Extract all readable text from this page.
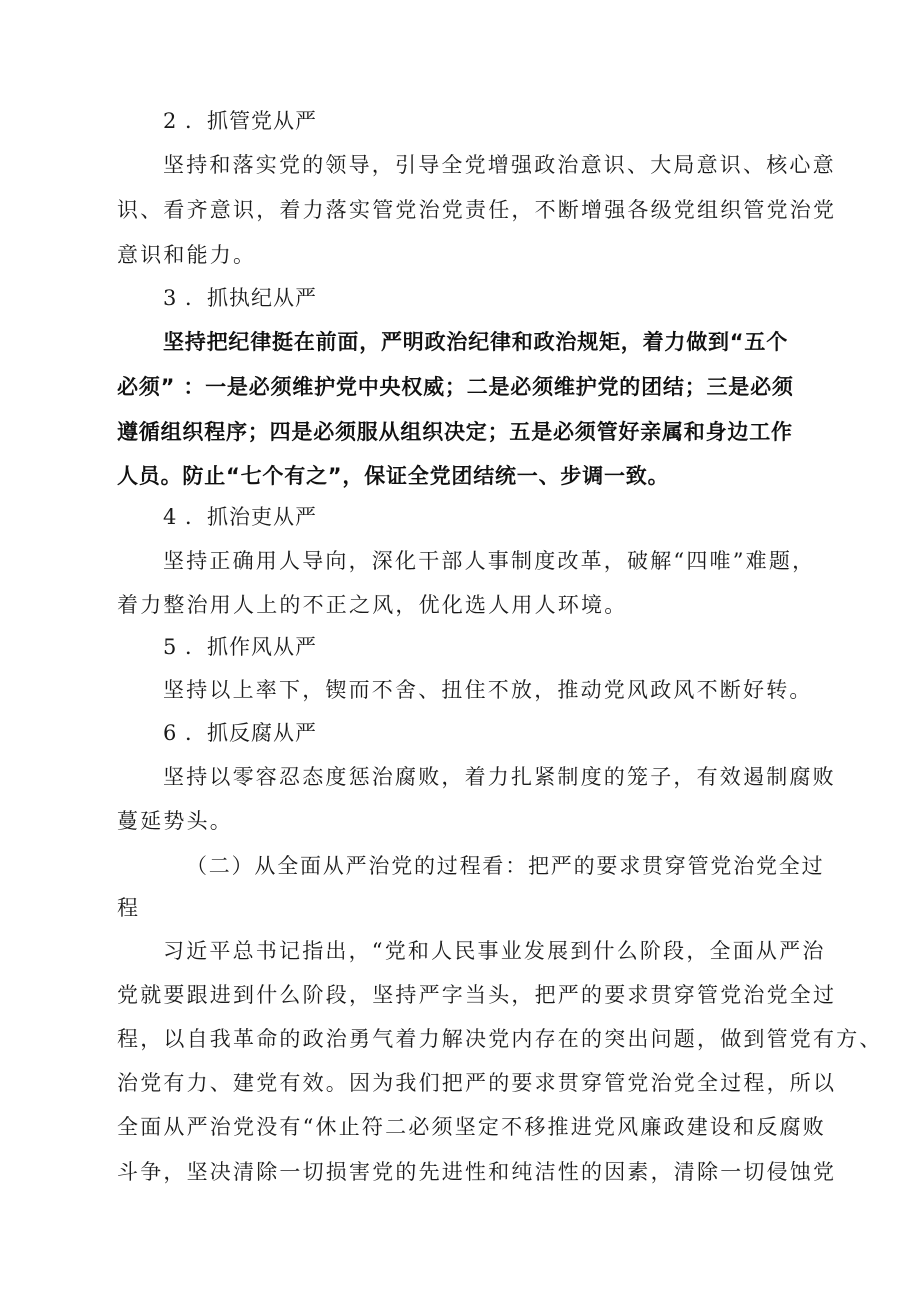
2 ．抓管党从严
坚持和落实党的领导，引导全党增强政治意识、大局意识、核心意
识、看齐意识，着力落实管党治党责任，不断增强各级党组织管党治党
意识和能力。
3 ．抓执纪从严
坚持把纪律挺在前面，严明政治纪律和政治规矩，着力做到“五个
必须” ：一是必须维护党中央权威；二是必须维护党的团结；三是必须
遵循组织程序；四是必须服从组织决定；五是必须管好亲属和身边工作
人员。防止“七个有之”，保证全党团结统一、步调一致。
4 ．抓治吏从严
坚持正确用人导向，深化干部人事制度改革，破解“四唯”难题，
着力整治用人上的不正之风，优化选人用人环境。
5 ．抓作风从严
坚持以上率下，锲而不舍、扭住不放，推动党风政风不断好转。
6 ．抓反腐从严
坚持以零容忍态度惩治腐败，着力扎紧制度的笼子，有效遏制腐败
蔓延势头。
（二）从全面从严治党的过程看：把严的要求贯穿管党治党全过
程
习近平总书记指出，“党和人民事业发展到什么阶段，全面从严治
党就要跟进到什么阶段，坚持严字当头，把严的要求贯穿管党治党全过
程，以自我革命的政治勇气着力解决党内存在的突出问题，做到管党有方、
治党有力、建党有效。因为我们把严的要求贯穿管党治党全过程，所以
全面从严治党没有“休止符二必须坚定不移推进党风廉政建设和反腐败
斗争，坚决清除一切损害党的先进性和纯洁性的因素，清除一切侵蚀党
